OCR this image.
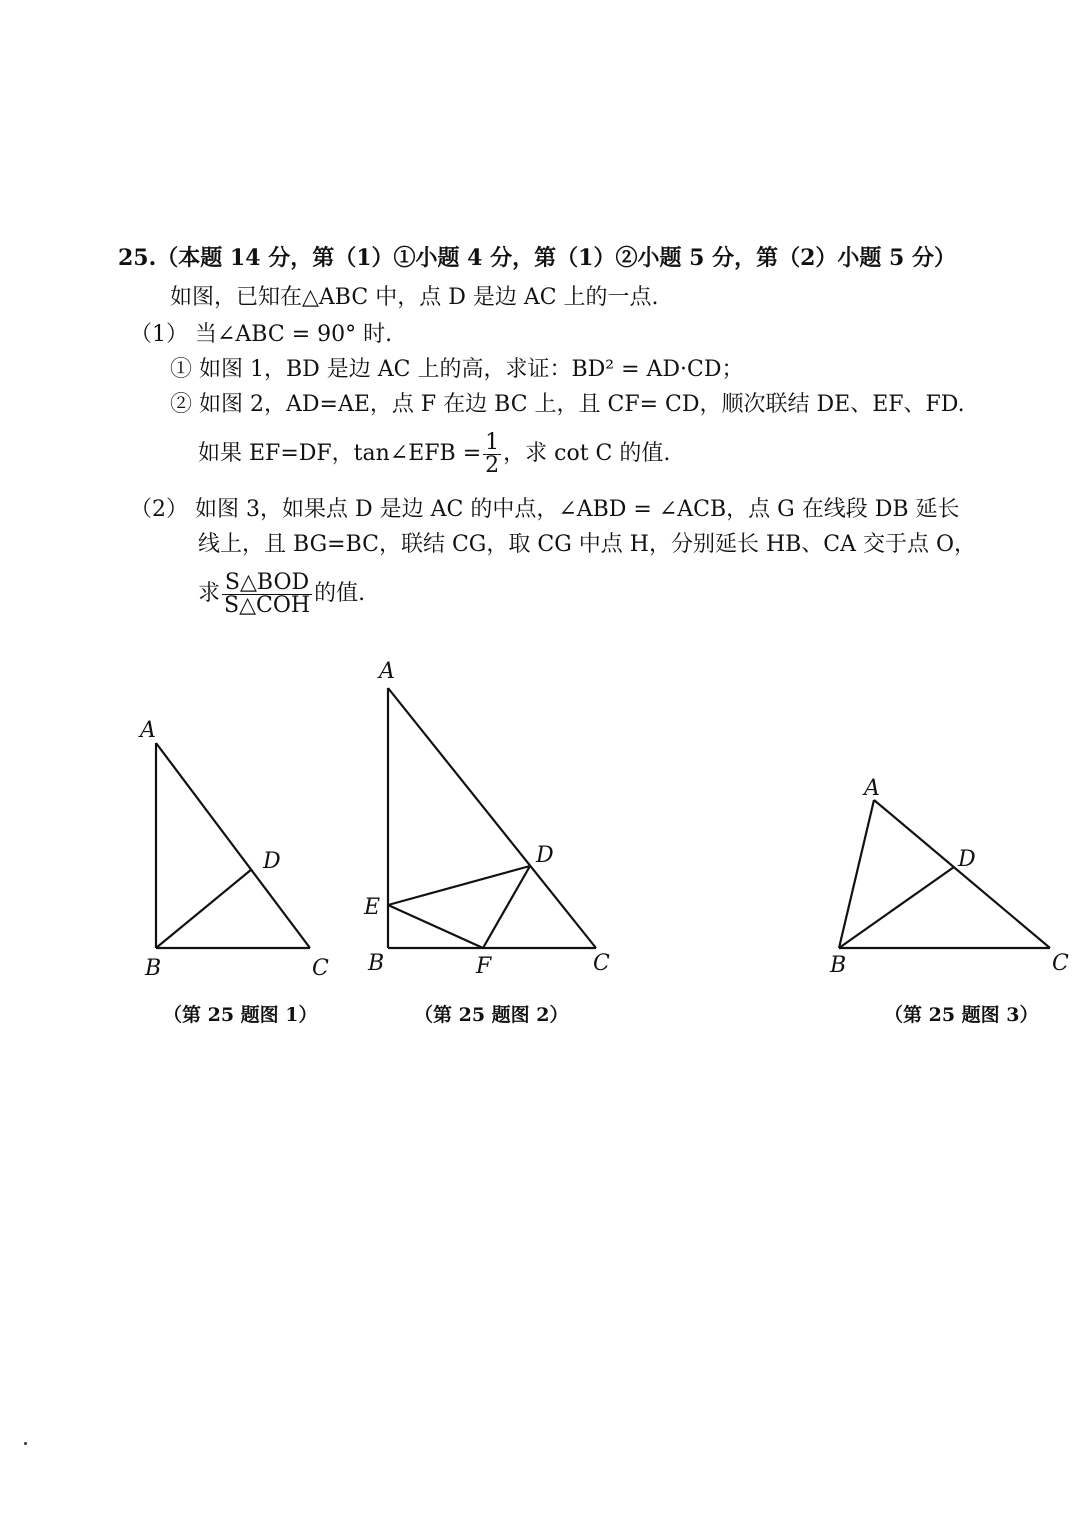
25.（本题 14 分，第（1）①小题 4 分，第（1）②小题 5 分，第（2）小题 5 分）
如图，已知在△ABC 中，点 D 是边 AC 上的一点.
（1） 当∠ABC = 90° 时.
① 如图 1，BD 是边 AC 上的高，求证：BD² = AD·CD；
② 如图 2，AD=AE，点 F 在边 BC 上，且 CF= CD，顺次联结 DE、EF、FD.
如果 EF=DF，tan∠EFB = $\frac{1}{2}$ ，求 cot C 的值.
（2） 如图 3，如果点 D 是边 AC 的中点，∠ABD = ∠ACB，点 G 在线段 DB 延长
线上，且 BG=BC，联结 CG，取 CG 中点 H，分别延长 HB、CA 交于点 O，
求 $\frac{\text{S△BOD}}{\text{S△COH}}$ 的值.
A
B	C
D
A
B	C
D
E
F
A
B	C
D
（第 25 题图 1）	（第 25 题图 2）	（第 25 题图 3）
